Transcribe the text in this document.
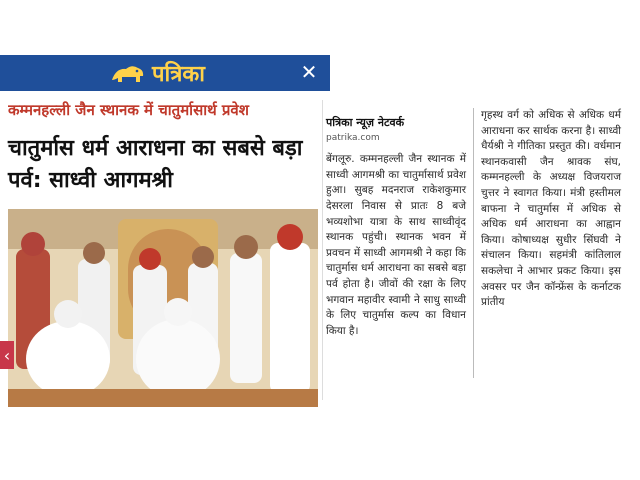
पत्रिका	✕
कम्मनहल्ली जैन स्थानक में चातुर्मासार्थ प्रवेश
चातुर्मास धर्म आराधना का सबसे बड़ा पर्व: साध्वी आगमश्री
‹
पत्रिका न्यूज़ नेटवर्क
patrika.com
बेंगलूरु. कम्मनहल्ली जैन स्थानक में साध्वी आगमश्री का चातुर्मासार्थ प्रवेश हुआ। सुबह मदनराज राकेशकुमार देसरला निवास से प्रातः 8 बजे भव्यशोभा यात्रा के साथ साध्वीवृंद स्थानक पहुंची। स्थानक भवन में प्रवचन में साध्वी आगमश्री ने कहा कि चातुर्मास धर्म आराधना का सबसे बड़ा पर्व होता है। जीवों की रक्षा के लिए भगवान महावीर स्वामी ने साधु साध्वी के लिए चातुर्मास कल्प का विधान किया है।
गृहस्थ वर्ग को अधिक से अधिक धर्म आराधना कर सार्थक करना है। साध्वी धैर्यश्री ने गीतिका प्रस्तुत की। वर्धमान स्थानकवासी जैन श्रावक संघ, कम्मनहल्ली के अध्यक्ष विजयराज चुत्तर ने स्वागत किया। मंत्री हस्तीमल बाफना ने चातुर्मास में अधिक से अधिक धर्म आराधना का आह्वान किया। कोषाध्यक्ष सुधीर सिंघवी ने संचालन किया। सहमंत्री कांतिलाल सकलेचा ने आभार प्रकट किया। इस अवसर पर जैन कॉन्फ्रेंस के कर्नाटक प्रांतीय
